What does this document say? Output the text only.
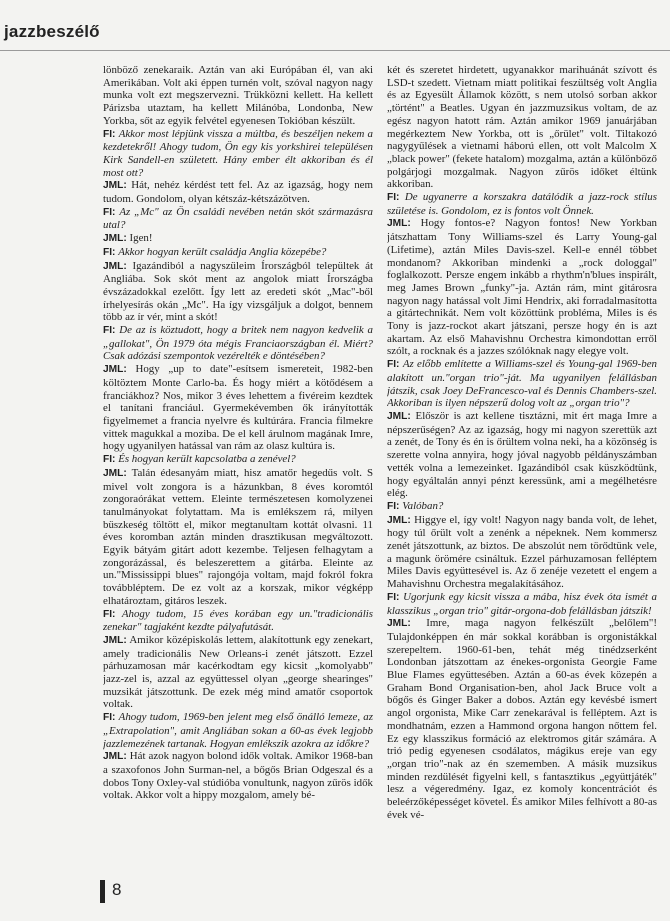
jazzbeszélő

lönböző zenekaraik. Aztán van aki Európában él, van aki Amerikában. Volt aki éppen turnén volt, szóval nagyon nagy munka volt ezt megszervezni. Trükközni kellett. Ha kellett Párizsba utaztam, ha kellett Milánóba, Londonba, New Yorkba, sőt az egyik felvétel egyenesen Tokióban készült.

FI: Akkor most lépjünk vissza a múltba, és beszéljen nekem a kezdetekről! Ahogy tudom, Ön egy kis yorkshirei településen Kirk Sandell-en született. Hány ember élt akkoriban és él most ott?

JML: Hát, nehéz kérdést tett fel. Az az igazság, hogy nem tudom. Gondolom, olyan kétszáz-kétszázötven.

FI: Az „Mc" az Ön családi nevében netán skót származásra utal?

JML: Igen!

FI: Akkor hogyan került családja Anglia közepébe?

JML: Igazándiból a nagyszüleim Írországból települtek át Angliába. Sok skót ment az angolok miatt Írországba évszázadokkal ezelőtt. Így lett az eredeti skót „Mac"-ből írhelyesírás okán „Mc". Ha így vizsgáljuk a dolgot, bennem több az ír vér, mint a skót!

FI: De az is köztudott, hogy a britek nem nagyon kedvelik a „gallokat", Ön 1979 óta mégis Franciaországban él. Miért? Csak adózási szempontok vezérelték e döntésében?

JML: Hogy „up to date"-esítsem ismereteit, 1982-ben költöztem Monte Carlo-ba. És hogy miért a kötődésem a franciákhoz? Nos, mikor 3 éves lehettem a fivéreim kezdtek el tanítani franciául. Gyermekévemben ők irányították figyelmemet a francia nyelvre és kultúrára. Francia filmekre vittek magukkal a moziba. De el kell árulnom magának Imre, hogy ugyanilyen hatással van rám az olasz kultúra is.

FI: És hogyan került kapcsolatba a zenével?

JML: Talán édesanyám miatt, hisz amatőr hegedűs volt. S mivel volt zongora is a házunkban, 8 éves koromtól zongoraórákat vettem. Eleinte természetesen komolyzenei tanulmányokat folytattam. Ma is emlékszem rá, milyen büszkeség töltött el, mikor megtanultam kottát olvasni. 11 éves koromban aztán minden drasztikusan megváltozott. Egyik bátyám gitárt adott kezembe. Teljesen felhagytam a zongorázással, és beleszerettem a gitárba. Eleinte az un."Mississippi blues" rajongója voltam, majd fokról fokra továbbléptem. De ez volt az a korszak, mikor végképp elhatároztam, gitáros leszek.

FI: Ahogy tudom, 15 éves korában egy un."tradicionális zenekar" tagjaként kezdte pályafutását.

JML: Amikor középiskolás lettem, alakítottunk egy zenekart, amely tradicionális New Orleans-i zenét játszott. Ezzel párhuzamosan már kacérkodtam egy kicsit „komolyabb" jazz-zel is, azzal az együttessel olyan „george shearinges" muzsikát játszottunk. De ezek még mind amatőr csoportok voltak.

FI: Ahogy tudom, 1969-ben jelent meg első önálló lemeze, az „Extrapolation", amit Angliában sokan a 60-as évek legjobb jazzlemezének tartanak. Hogyan emlékszik azokra az időkre?

JML: Hát azok nagyon bolond idők voltak. Amikor 1968-ban a szaxofonos John Surman-nel, a bőgős Brian Odgeszal és a dobos Tony Oxley-val stúdióba vonultunk, nagyon zűrös idők voltak. Akkor volt a hippy mozgalom, amely bé-

két és szeretet hirdetett, ugyanakkor marihuánát szívott és LSD-t szedett. Vietnam miatt politikai feszültség volt Anglia és az Egyesült Államok között, s nem utolsó sorban akkor „történt" a Beatles. Ugyan én jazzmuzsikus voltam, de az egész nagyon hatott rám. Aztán amikor 1969 januárjában megérkeztem New Yorkba, ott is „őrület" volt. Tiltakozó nagygyűlések a vietnami háború ellen, ott volt Malcolm X „black power" (fekete hatalom) mozgalma, aztán a különböző polgárjogi mozgalmak. Nagyon zűrös időket éltünk akkoriban.

FI: De ugyanerre a korszakra datálódik a jazz-rock stílus születése is. Gondolom, ez is fontos volt Önnek.

JML: Hogy fontos-e? Nagyon fontos! New Yorkban játszhattam Tony Williams-szel és Larry Young-gal (Lifetime), aztán Miles Davis-szel. Kell-e ennél többet mondanom? Akkoriban mindenki a „rock dologgal" foglalkozott. Persze engem inkább a rhythm'n'blues inspirált, meg James Brown „funky"-ja. Aztán rám, mint gitárosra nagyon nagy hatással volt Jimi Hendrix, aki forradalmasította a gitártechnikát. Nem volt közöttünk probléma, Miles is és Tony is jazz-rockot akart játszani, persze hogy én is azt akartam. Az első Mahavishnu Orchestra kimondottan erről szólt, a rocknak és a jazzes szólóknak nagy elegye volt.

FI: Az előbb említette a Williams-szel és Young-gal 1969-ben alakított un."organ trio"-ját. Ma ugyanilyen felállásban játszik, csak Joey DeFrancesco-val és Dennis Chambers-szel. Akkoriban is ilyen népszerű dolog volt az „organ trio"?

JML: Először is azt kellene tisztázni, mit ért maga Imre a népszerűségen? Az az igazság, hogy mi nagyon szerettük azt a zenét, de Tony és én is őrültem volna neki, ha a közönség is szerette volna annyira, hogy jóval nagyobb példányszámban vették volna a lemezeinket. Igazándiból csak küszködtünk, hogy egyáltalán annyi pénzt keressünk, ami a megélhetésre elég.

FI: Valóban?

JML: Higgye el, így volt! Nagyon nagy banda volt, de lehet, hogy túl őrült volt a zenénk a népeknek. Nem kommersz zenét játszottunk, az biztos. De abszolút nem törődtünk vele, a magunk örömére csináltuk. Ezzel párhuzamosan felléptem Miles Davis együttesével is. Az ő zenéje vezetett el engem a Mahavishnu Orchestra megalakításához.

FI: Ugorjunk egy kicsit vissza a mába, hisz évek óta ismét a klasszikus „organ trio" gitár-orgona-dob felállásban játszik!

JML: Imre, maga nagyon felkészült „belőlem"! Tulajdonképpen én már sokkal korábban is orgonistákkal szerepeltem. 1960-61-ben, tehát még tinédzserként Londonban játszottam az énekes-orgonista Georgie Fame Blue Flames együttesében. Aztán a 60-as évek közepén a Graham Bond Organisation-ben, ahol Jack Bruce volt a bőgős és Ginger Baker a dobos. Aztán egy kevésbé ismert angol orgonista, Mike Carr zenekarával is felléptem. Azt is mondhatnám, ezzen a Hammond orgona hangon nőttem fel. Ez egy klasszikus formáció az elektromos gitár számára. A trió pedig egyenesen csodálatos, mágikus ereje van egy „organ trio"-nak az én szememben. A másik muzsikus minden rezdülését figyelni kell, s fantasztikus „együttjáték" lesz a végeredmény. Igaz, ez komoly koncentrációt és beleérzőképességet követel. És amikor Miles felhívott a 80-as évek vé-

8
